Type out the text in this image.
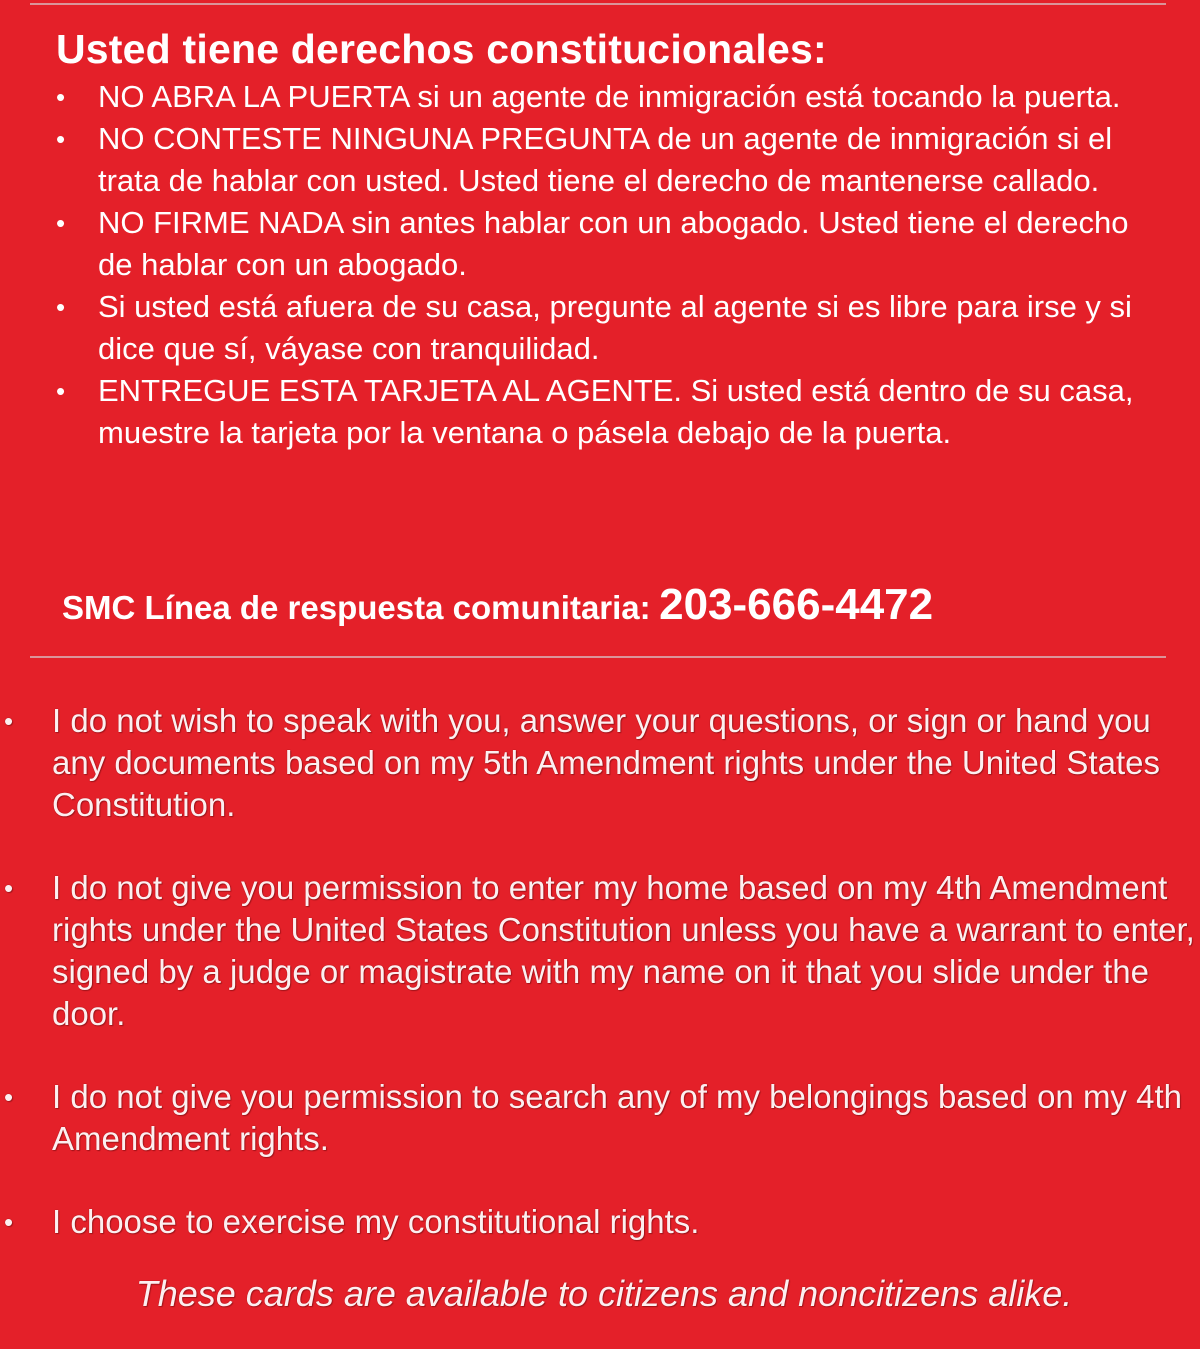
Usted tiene derechos constitucionales:
• NO ABRA LA PUERTA si un agente de inmigración está tocando la puerta.
• NO CONTESTE NINGUNA PREGUNTA de un agente de inmigración si el trata de hablar con usted. Usted tiene el derecho de mantenerse callado.
• NO FIRME NADA sin antes hablar con un abogado. Usted tiene el derecho de hablar con un abogado.
• Si usted está afuera de su casa, pregunte al agente si es libre para irse y si dice que sí, váyase con tranquilidad.
• ENTREGUE ESTA TARJETA AL AGENTE. Si usted está dentro de su casa, muestre la tarjeta por la ventana o pásela debajo de la puerta.
SMC Línea de respuesta comunitaria: 203-666-4472
• I do not wish to speak with you, answer your questions, or sign or hand you any documents based on my 5th Amendment rights under the United States Constitution.
• I do not give you permission to enter my home based on my 4th Amendment rights under the United States Constitution unless you have a warrant to enter, signed by a judge or magistrate with my name on it that you slide under the door.
• I do not give you permission to search any of my belongings based on my 4th Amendment rights.
• I choose to exercise my constitutional rights.
These cards are available to citizens and noncitizens alike.
